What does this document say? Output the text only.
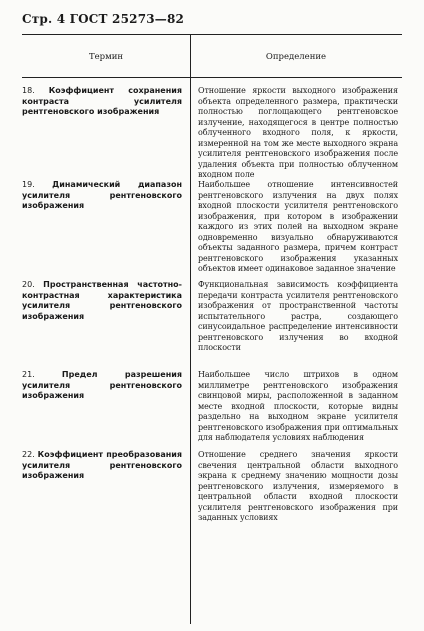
Стр. 4 ГОСТ 25273—82
Термин	Определение
18. Коэффициент сохранения контраста усилителя рентгеновского изображения
Отношение яркости выходного изображения объекта определенного размера, практически полностью поглощающего рентгеновское излучение, находящегося в центре полностью облученного входного поля, к яркости, измеренной на том же месте выходного экрана усилителя рентгеновского изображения после удаления объекта при полностью облученном входном поле
19. Динамический диапазон усилителя рентгеновского изображения
Наибольшее отношение интенсивностей рентгеновского излучения на двух полях входной плоскости усилителя рентгеновского изображения, при котором в изображении каждого из этих полей на выходном экране одновременно визуально обнаруживаются объекты заданного размера, причем контраст рентгеновского изображения указанных объектов имеет одинаковое заданное значение
20. Пространственная частотно-контрастная характеристика усилителя рентгеновского изображения
Функциональная зависимость коэффициента передачи контраста усилителя рентгеновского изображения от пространственной частоты испытательного растра, создающего синусоидальное распределение интенсивности рентгеновского излучения во входной плоскости
21.	Предел разрешения усилителя рентгеновского изображения
Наибольшее число штрихов в одном миллиметре рентгеновского изображения свинцовой миры, расположенной в заданном месте входной плоскости, которые видны раздельно на выходном экране усилителя рентгеновского изображения при оптимальных для наблюдателя условиях наблюдения
22. Коэффициент преобразования усилителя рентгеновского изображения
Отношение среднего значения яркости свечения центральной области выходного экрана к среднему значению мощности дозы рентгеновского излучения, измеряемого в центральной области входной плоскости усилителя рентгеновского изображения при заданных условиях
